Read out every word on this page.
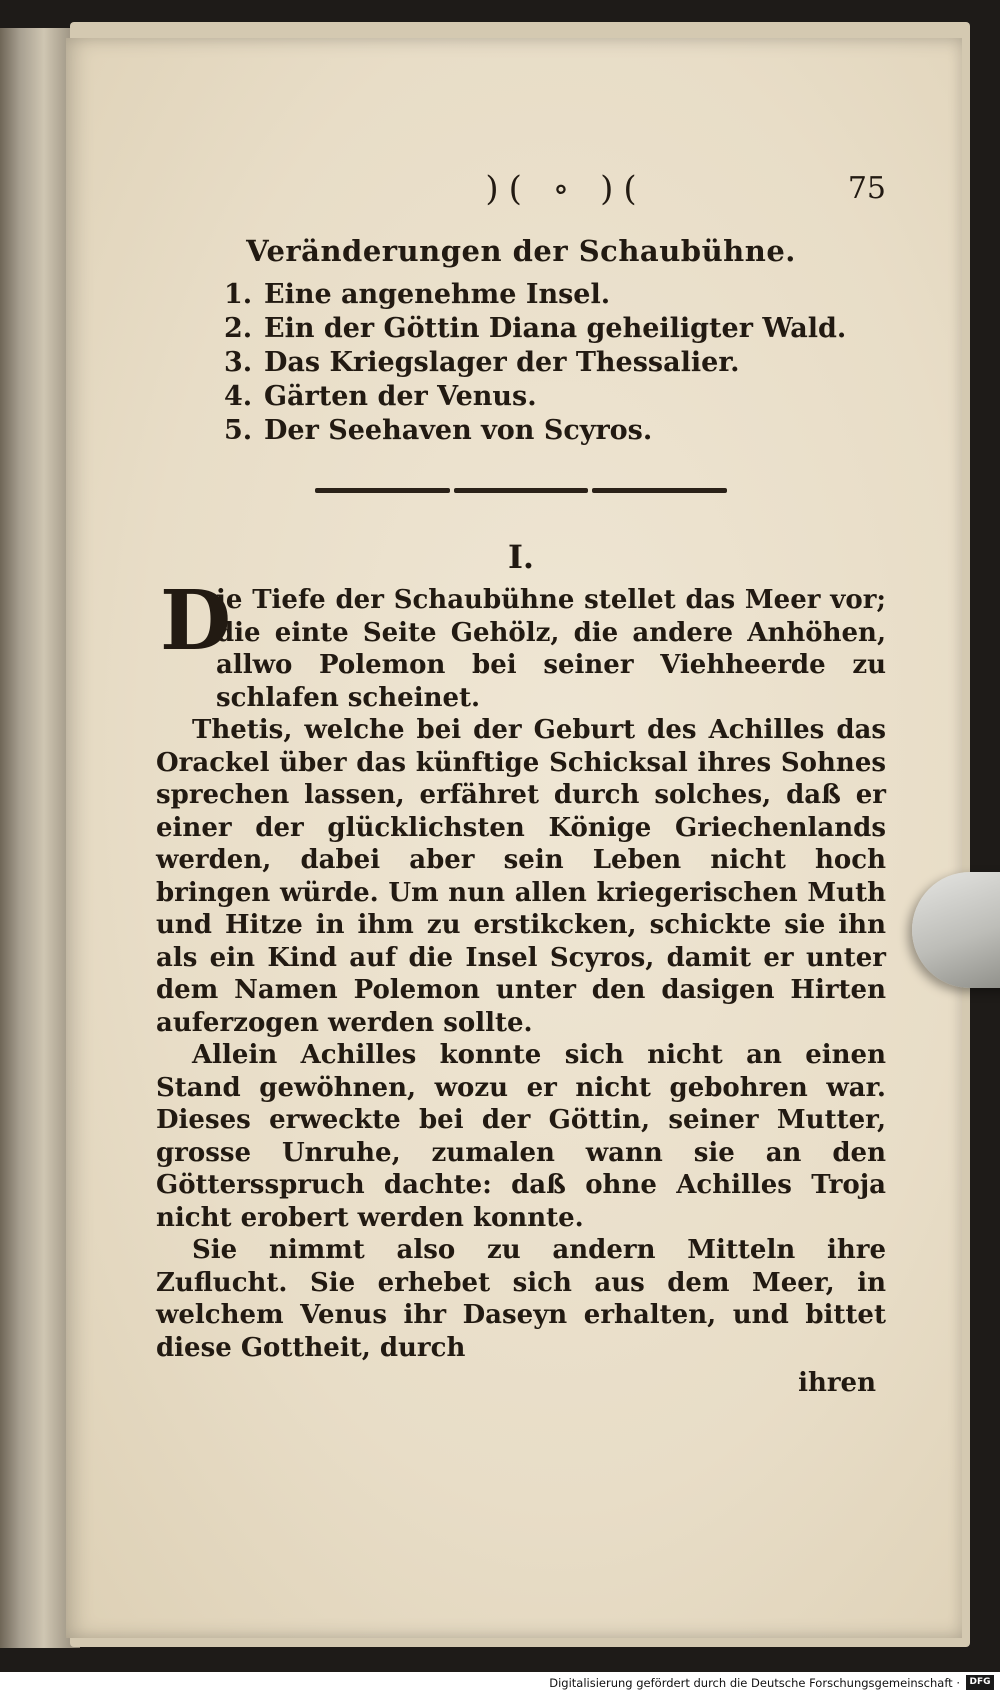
)( ∘ )(	75
Veränderungen der Schaubühne.
1. Eine angenehme Insel.
2. Ein der Göttin Diana geheiligter Wald.
3. Das Kriegslager der Thessalier.
4. Gärten der Venus.
5. Der Seehaven von Scyros.
I.

D
ie Tiefe der Schaubühne stellet das Meer vor; die einte Seite Gehölz, die andere Anhöhen, allwo Polemon bei seiner Viehheerde zu schlafen scheinet.

Thetis, welche bei der Geburt des Achilles das Orackel über das künftige Schicksal ihres Sohnes sprechen lassen, erfähret durch solches, daß er einer der glücklichsten Könige Griechenlands werden, dabei aber sein Leben nicht hoch bringen würde. Um nun allen kriegerischen Muth und Hitze in ihm zu erstikcken, schickte sie ihn als ein Kind auf die Insel Scyros, damit er unter dem Namen Polemon unter den dasigen Hirten auferzogen werden sollte.

Allein Achilles konnte sich nicht an einen Stand gewöhnen, wozu er nicht gebohren war. Dieses erweckte bei der Göttin, seiner Mutter, grosse Unruhe, zumalen wann sie an den Göttersspruch dachte: daß ohne Achilles Troja nicht erobert werden konnte.

Sie nimmt also zu andern Mitteln ihre Zuflucht. Sie erhebet sich aus dem Meer, in welchem Venus ihr Daseyn erhalten, und bittet diese Gottheit, durch

ihren
Digitalisierung gefördert durch die Deutsche Forschungsgemeinschaft ·	DFG
